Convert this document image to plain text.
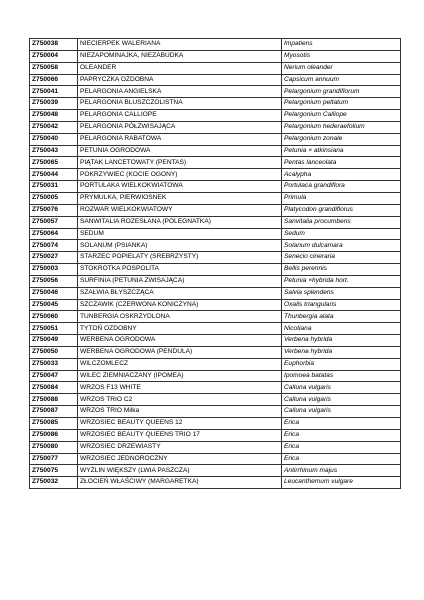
Z750038	NIECIERPEK WALERIANA	Impatiens
Z750004	NIEZAPOMINAJKA, NIEZABUDKA	Myosotis
Z750058	OLEANDER	Nerium oleander
Z750066	PAPRYCZKA OZDOBNA	Capsicum annuum
Z750041	PELARGONIA ANGIELSKA	Pelargonium grandiflorum
Z750039	PELARGONIA BLUSZCZOLISTNA	Pelargonium peltatum
Z750048	PELARGONIA CALLIOPE	Pelargonium Calliope
Z750042	PELARGONIA PÓŁZWISAJĄCA	Pelargonium hederaefolium
Z750040	PELARGONIA RABATOWA	Pelargonium zonale
Z750043	PETUNIA OGRODOWA	Petunia × atkinsiana
Z750065	PIĄTAK LANCETOWATY (PENTAS)	Pentas lanceolata
Z750044	POKRZYWIEC (KOCIE OGONY)	Acalypha
Z750031	PORTULAKA WIELKOKWIATOWA	Portulaca grandiflora
Z750005	PRYMULKA, PIERWIOSNEK	Primula
Z750076	ROZWAR WIELKOKWIATOWY	Platycodon grandiflorus
Z750057	SANWITALIA ROZESŁANA (POLEGNATKA)	Sanvitalia procumbens
Z750064	SEDUM	Sedum
Z750074	SOLANUM (PSIANKA)	Solanum dulcamara
Z750027	STARZEC POPIELATY (SREBRZYSTY)	Senecio cineraria
Z750003	STOKROTKA POSPOLITA	Bellis perennis
Z750056	SURFINIA (PETUNIA ZWISAJĄCA)	Petunia ×hybrida hort.
Z750046	SZAŁWIA BŁYSZCZĄCA	Salvia splendens
Z750045	SZCZAWIK (CZERWONA KONICZYNA)	Oxalis triangularis
Z750060	TUNBERGIA OSKRZYDLONA	Thunbergia alata
Z750051	TYTOŃ OZDOBNY	Nicotiana
Z750049	WERBENA OGRODOWA	Verbena hybrida
Z750050	WERBENA OGRODOWA (PENDULA)	Verbena hybrida
Z750033	WILCZOMLECZ	Euphorbia
Z750047	WILEC ZIEMNIACZANY (IPOMEA)	Ipomoea batatas
Z750084	WRZOS F13 WHITE	Calluna vulgaris
Z750088	WRZOS TRIO C2	Calluna vulgaris
Z750087	WRZOS TRIO Milka	Calluna vulgaris
Z750085	WRZOSIEC BEAUTY QUEENS 12	Erica
Z750086	WRZOSIEC BEAUTY QUEENS TRIO 17	Erica
Z750080	WRZOSIEC DRZEWIASTY	Erica
Z750077	WRZOSIEC JEDNOROCZNY	Erica
Z750075	WYŻLIN WIĘKSZY (LWIA PASZCZA)	Antirrhinum majus
Z750032	ZŁOCIEŃ WŁAŚCIWY (MARGARETKA)	Leucanthemum vulgare
